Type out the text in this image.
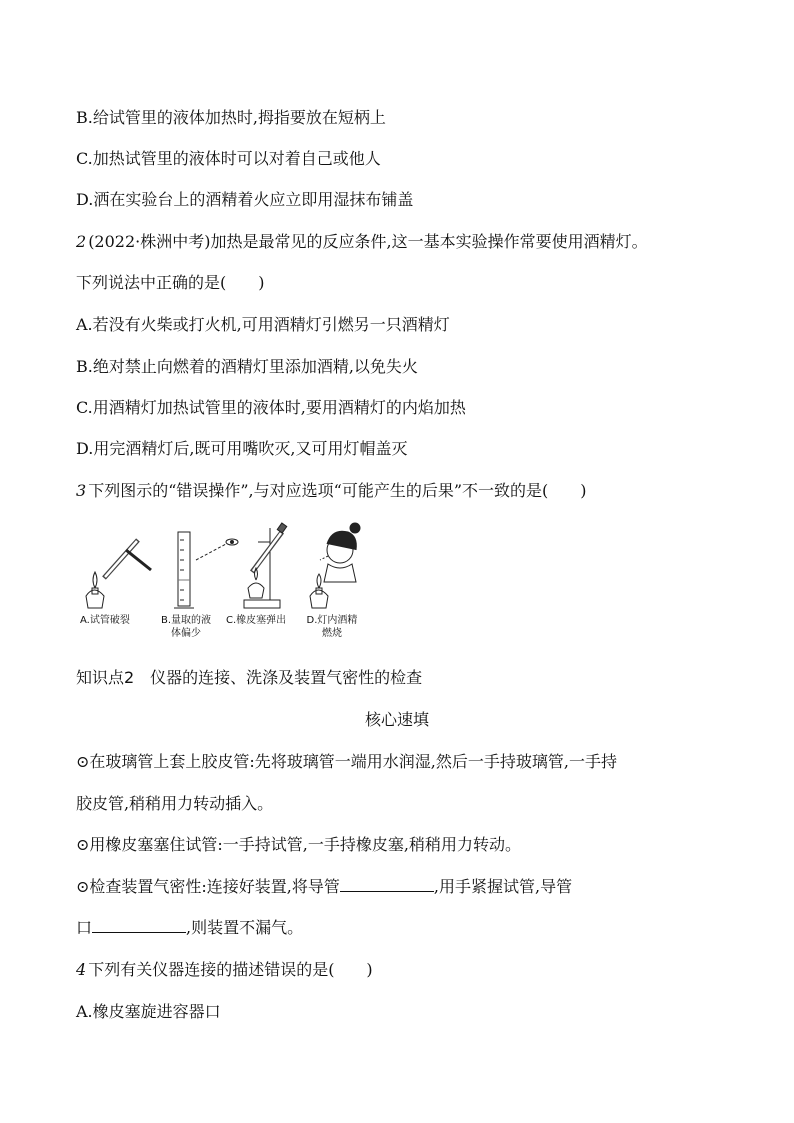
B.给试管里的液体加热时,拇指要放在短柄上
C.加热试管里的液体时可以对着自己或他人
D.洒在实验台上的酒精着火应立即用湿抹布铺盖
2 (2022·株洲中考)加热是最常见的反应条件,这一基本实验操作常要使用酒精灯。
下列说法中正确的是(　　)
A.若没有火柴或打火机,可用酒精灯引燃另一只酒精灯
B.绝对禁止向燃着的酒精灯里添加酒精,以免失火
C.用酒精灯加热试管里的液体时,要用酒精灯的内焰加热
D.用完酒精灯后,既可用嘴吹灭,又可用灯帽盖灭
3 下列图示的“错误操作”,与对应选项“可能产生的后果”不一致的是(　　)
A.试管破裂	B.量取的液
体偏少
C.橡皮塞弹出	D.灯内酒精
燃烧
知识点2　仪器的连接、洗涤及装置气密性的检查
核心速填
⊙在玻璃管上套上胶皮管:先将玻璃管一端用水润湿,然后一手持玻璃管,一手持
胶皮管,稍稍用力转动插入。
⊙用橡皮塞塞住试管:一手持试管,一手持橡皮塞,稍稍用力转动。
⊙检查装置气密性:连接好装置,将导管	,用手紧握试管,导管
口	,则装置不漏气。
4 下列有关仪器连接的描述错误的是(　　)
A.橡皮塞旋进容器口
